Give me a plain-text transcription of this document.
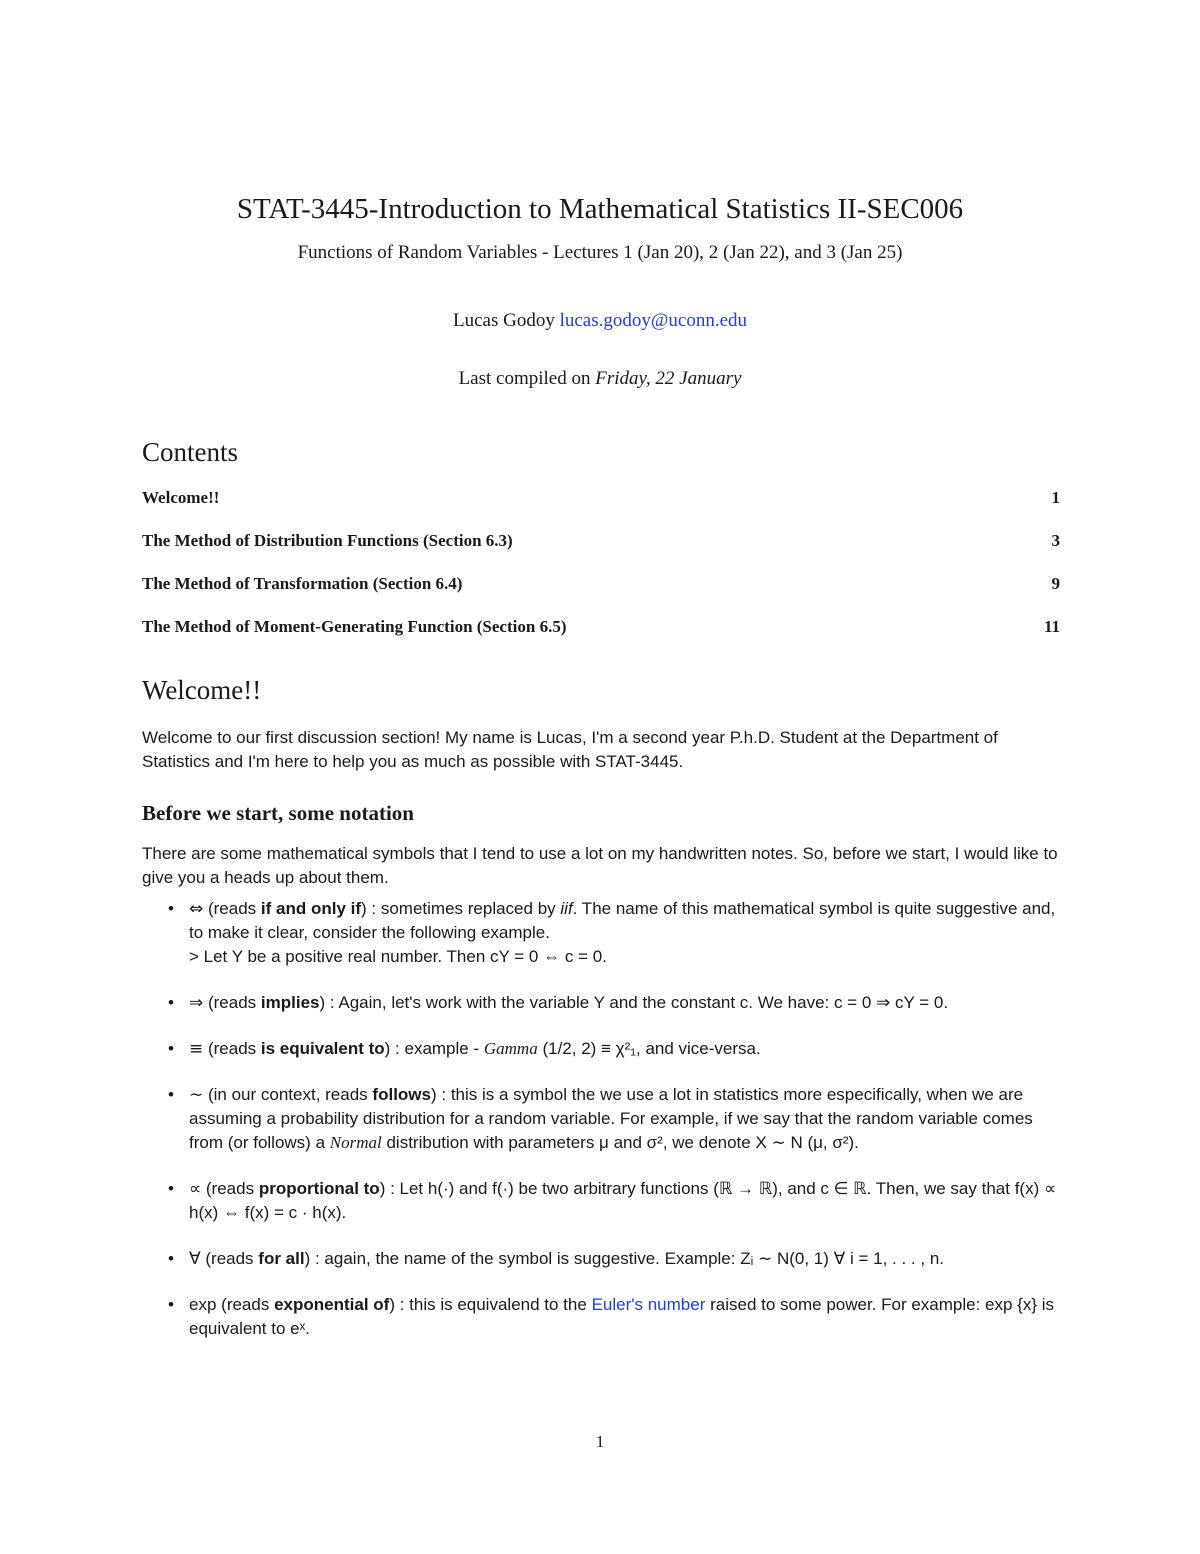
STAT-3445-Introduction to Mathematical Statistics II-SEC006
Functions of Random Variables - Lectures 1 (Jan 20), 2 (Jan 22), and 3 (Jan 25)
Lucas Godoy lucas.godoy@uconn.edu
Last compiled on Friday, 22 January
Contents
Welcome!!	1
The Method of Distribution Functions (Section 6.3)	3
The Method of Transformation (Section 6.4)	9
The Method of Moment-Generating Function (Section 6.5)	11
Welcome!!

Welcome to our first discussion section! My name is Lucas, I'm a second year P.h.D. Student at the Department of Statistics and I'm here to help you as much as possible with STAT-3445.

Before we start, some notation

There are some mathematical symbols that I tend to use a lot on my handwritten notes. So, before we start, I would like to give you a heads up about them.

• ⇔ (reads if and only if) : sometimes replaced by iif. The name of this mathematical symbol is quite suggestive and, to make it clear, consider the following example.
> Let Y be a positive real number. Then cY = 0 ⇔ c = 0.
• ⇒ (reads implies) : Again, let's work with the variable Y and the constant c. We have: c = 0 ⇒ cY = 0.
• ≡ (reads is equivalent to) : example - Gamma (1/2, 2) ≡ χ²₁, and vice-versa.
• ∼ (in our context, reads follows) : this is a symbol the we use a lot in statistics more especifically, when we are assuming a probability distribution for a random variable. For example, if we say that the random variable comes from (or follows) a Normal distribution with parameters μ and σ², we denote X ∼ N (μ, σ²).
• ∝ (reads proportional to) : Let h(·) and f(·) be two arbitrary functions (ℝ → ℝ), and c ∈ ℝ. Then, we say that f(x) ∝ h(x) ⇔ f(x) = c · h(x).
• ∀ (reads for all) : again, the name of the symbol is suggestive. Example: Zᵢ ∼ N(0, 1) ∀ i = 1, . . . , n.
• exp (reads exponential of) : this is equivalend to the Euler's number raised to some power. For example: exp {x} is equivalent to eˣ.
1
